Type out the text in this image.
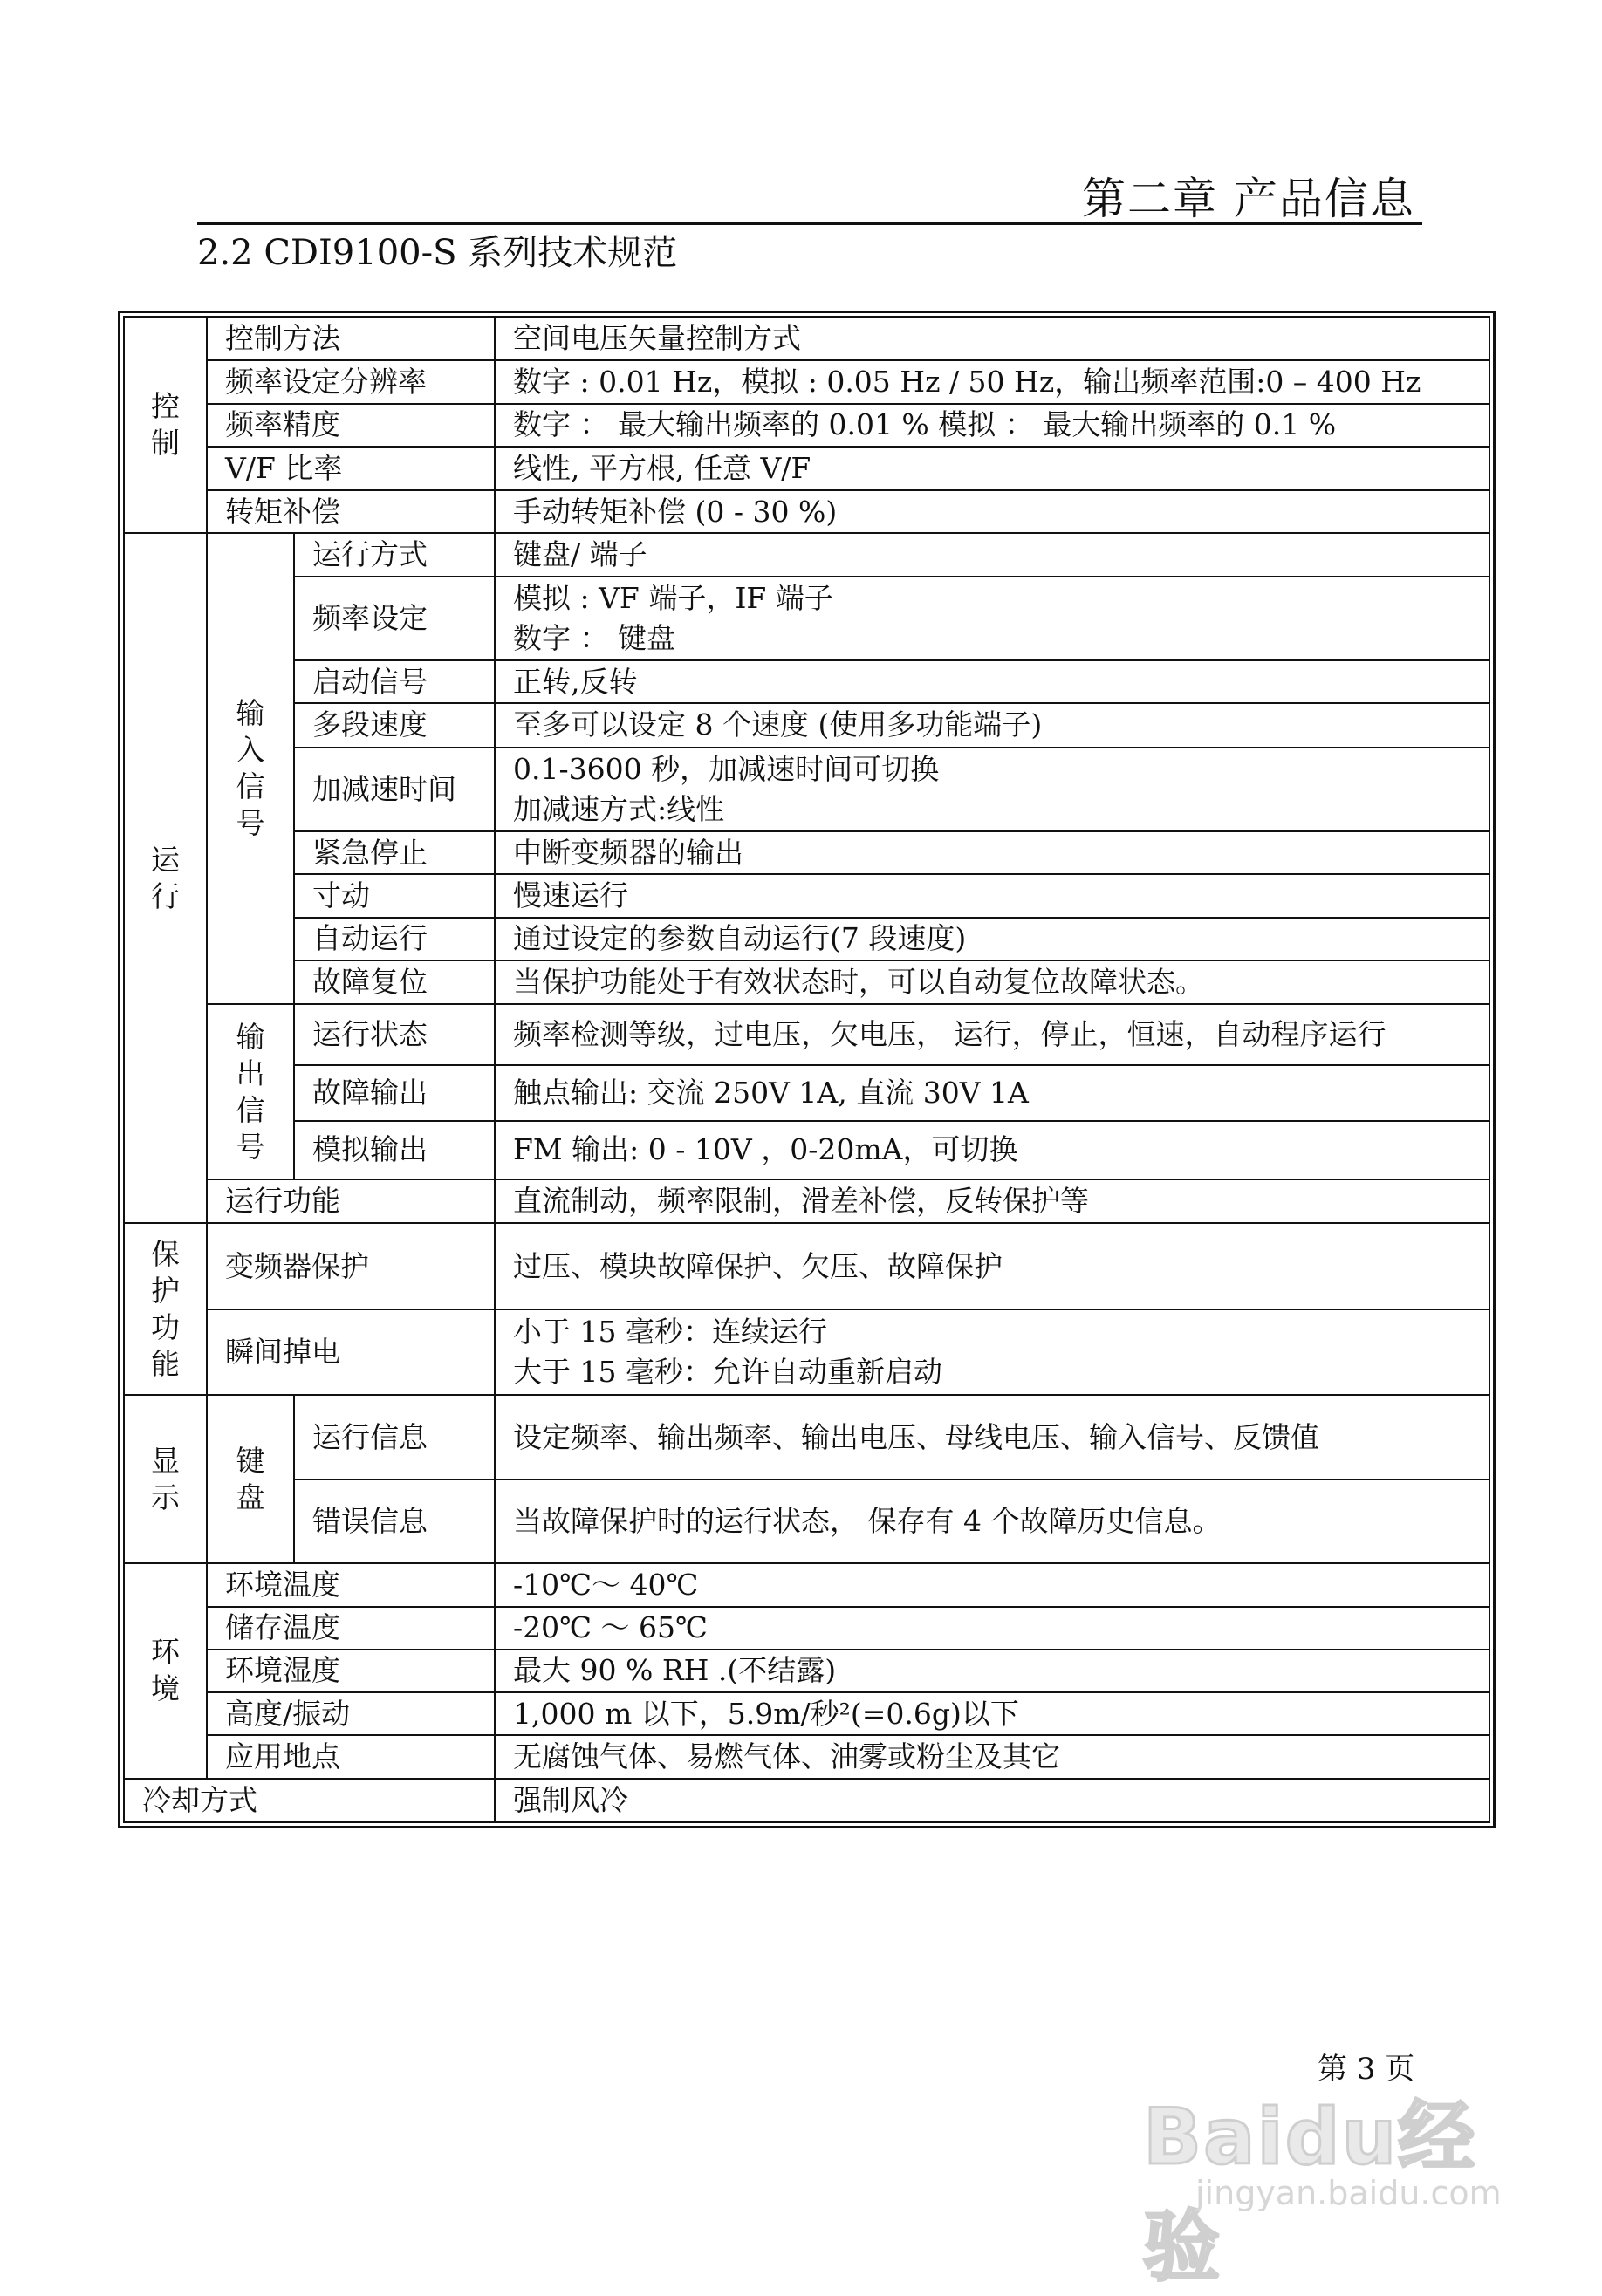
第二章 产品信息
2.2 CDI9100-S 系列技术规范
控
制	控制方法		空间电压矢量控制方式
	频率设定分辨率		数字 : 0.01 Hz，模拟 : 0.05 Hz / 50 Hz，输出频率范围:0 – 400 Hz
	频率精度		数字 ： 最大输出频率的 0.01 % 模拟 ： 最大输出频率的 0.1 %
	V/F 比率		线性, 平方根, 任意 V/F
	转矩补偿		手动转矩补偿 (0 - 30 %)

运
行	输
入
信
号	运行方式	键盘/ 端子
		频率设定	模拟 : VF 端子，IF 端子
数字 ： 键盘

		启动信号	正转,反转
		多段速度	至多可以设定 8 个速度 (使用多功能端子)
		加减速时间	0.1-3600 秒，加减速时间可切换
加减速方式:线性

		紧急停止	中断变频器的输出
		寸动	慢速运行
		自动运行	通过设定的参数自动运行(7 段速度)
		故障复位	当保护功能处于有效状态时，可以自动复位故障状态。

	输
出
信
号	运行状态	频率检测等级，过电压，欠电压， 运行，停止，恒速，自动程序运行
		故障输出	触点输出: 交流 250V 1A, 直流 30V 1A
		模拟输出	FM 输出: 0 - 10V ，0-20mA，可切换
	运行功能		直流制动，频率限制，滑差补偿，反转保护等

保
护
功
能	变频器保护		过压、模块故障保护、欠压、故障保护
	瞬间掉电		小于 15 毫秒：连续运行
大于 15 毫秒：允许自动重新启动

显
示	键
盘	运行信息	设定频率、输出频率、输出电压、母线电压、输入信号、反馈值
		错误信息	当故障保护时的运行状态， 保存有 4 个故障历史信息。

环
境	环境温度		-10℃～ 40℃
	储存温度		-20℃ ～ 65℃
	环境湿度		最大 90 % RH .(不结露)
	高度/振动		1,000 m 以下，5.9m/秒²(=0.6g)以下
	应用地点		无腐蚀气体、易燃气体、油雾或粉尘及其它
冷却方式			强制风冷
第 3 页
Baidu经验
jingyan.baidu.com
